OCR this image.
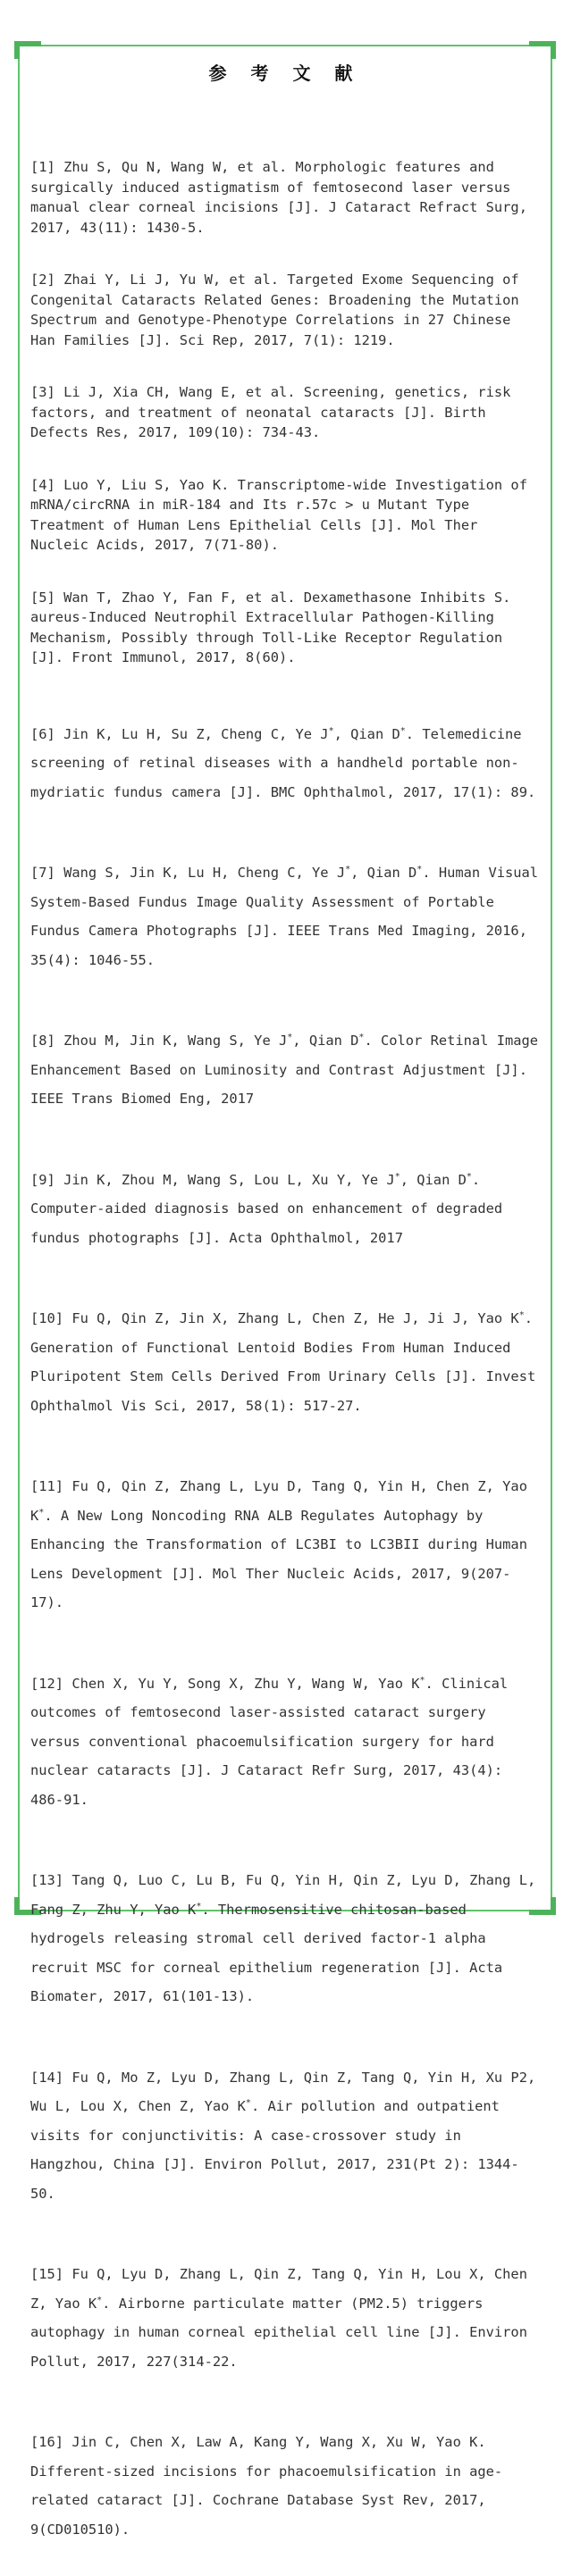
参 考 文 献

[1] Zhu S, Qu N, Wang W, et al. Morphologic features and surgically induced astigmatism of femtosecond laser versus manual clear corneal incisions [J]. J Cataract Refract Surg, 2017, 43(11): 1430-5.

[2] Zhai Y, Li J, Yu W, et al. Targeted Exome Sequencing of Congenital Cataracts Related Genes: Broadening the Mutation Spectrum and Genotype-Phenotype Correlations in 27 Chinese Han Families [J]. Sci Rep, 2017, 7(1): 1219.

[3] Li J, Xia CH, Wang E, et al. Screening, genetics, risk factors, and treatment of neonatal cataracts [J]. Birth Defects Res, 2017, 109(10): 734-43.

[4] Luo Y, Liu S, Yao K. Transcriptome-wide Investigation of mRNA/circRNA in miR-184 and Its r.57c > u Mutant Type Treatment of Human Lens Epithelial Cells [J]. Mol Ther Nucleic Acids, 2017, 7(71-80).

[5] Wan T, Zhao Y, Fan F, et al. Dexamethasone Inhibits S. aureus-Induced Neutrophil Extracellular Pathogen-Killing Mechanism, Possibly through Toll-Like Receptor Regulation [J]. Front Immunol, 2017, 8(60).

[6] Jin K, Lu H, Su Z, Cheng C, Ye J*, Qian D*. Telemedicine screening of retinal diseases with a handheld portable non-mydriatic fundus camera [J]. BMC Ophthalmol, 2017, 17(1): 89.

[7] Wang S, Jin K, Lu H, Cheng C, Ye J*, Qian D*. Human Visual System-Based Fundus Image Quality Assessment of Portable Fundus Camera Photographs [J]. IEEE Trans Med Imaging, 2016, 35(4): 1046-55.

[8] Zhou M, Jin K, Wang S, Ye J*, Qian D*. Color Retinal Image Enhancement Based on Luminosity and Contrast Adjustment [J]. IEEE Trans Biomed Eng, 2017

[9] Jin K, Zhou M, Wang S, Lou L, Xu Y, Ye J*, Qian D*. Computer-aided diagnosis based on enhancement of degraded fundus photographs [J]. Acta Ophthalmol, 2017

[10] Fu Q, Qin Z, Jin X, Zhang L, Chen Z, He J, Ji J, Yao K*. Generation of Functional Lentoid Bodies From Human Induced Pluripotent Stem Cells Derived From Urinary Cells [J]. Invest Ophthalmol Vis Sci, 2017, 58(1): 517-27.

[11] Fu Q, Qin Z, Zhang L, Lyu D, Tang Q, Yin H, Chen Z, Yao K*. A New Long Noncoding RNA ALB Regulates Autophagy by Enhancing the Transformation of LC3BI to LC3BII during Human Lens Development [J]. Mol Ther Nucleic Acids, 2017, 9(207-17).

[12] Chen X, Yu Y, Song X, Zhu Y, Wang W, Yao K*. Clinical outcomes of femtosecond laser-assisted cataract surgery versus conventional phacoemulsification surgery for hard nuclear cataracts [J]. J Cataract Refr Surg, 2017, 43(4): 486-91.

[13] Tang Q, Luo C, Lu B, Fu Q, Yin H, Qin Z, Lyu D, Zhang L, Fang Z, Zhu Y, Yao K*. Thermosensitive chitosan-based hydrogels releasing stromal cell derived factor-1 alpha recruit MSC for corneal epithelium regeneration [J]. Acta Biomater, 2017, 61(101-13).

[14] Fu Q, Mo Z, Lyu D, Zhang L, Qin Z, Tang Q, Yin H, Xu P2, Wu L, Lou X, Chen Z, Yao K*. Air pollution and outpatient visits for conjunctivitis: A case-crossover study in Hangzhou, China [J]. Environ Pollut, 2017, 231(Pt 2): 1344-50.

[15] Fu Q, Lyu D, Zhang L, Qin Z, Tang Q, Yin H, Lou X, Chen Z, Yao K*. Airborne particulate matter (PM2.5) triggers autophagy in human corneal epithelial cell line [J]. Environ Pollut, 2017, 227(314-22.

[16] Jin C, Chen X, Law A, Kang Y, Wang X, Xu W, Yao K. Different-sized incisions for phacoemulsification in age-related cataract [J]. Cochrane Database Syst Rev, 2017, 9(CD010510).
